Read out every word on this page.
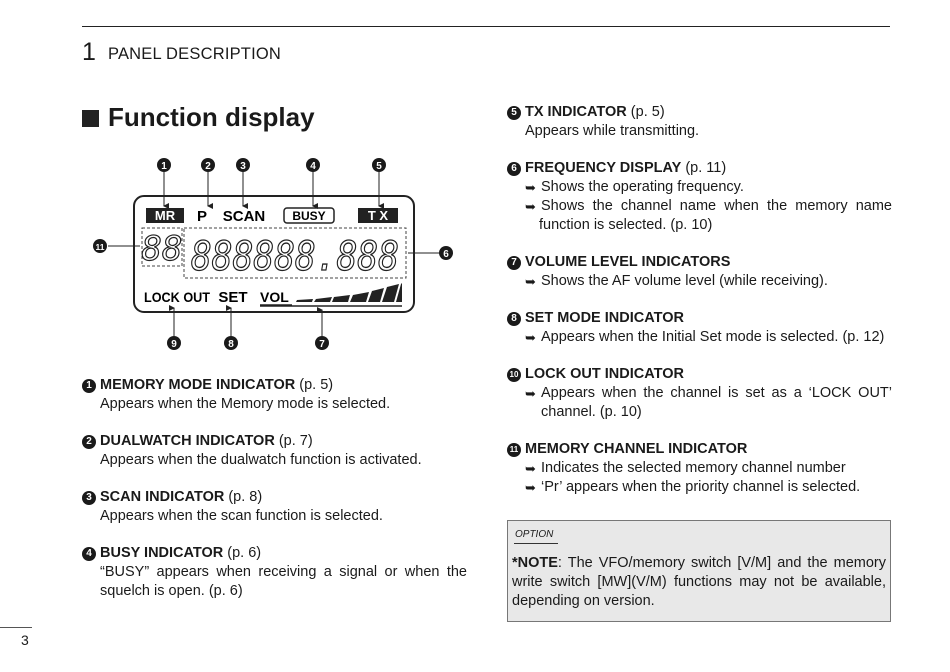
1 PANEL DESCRIPTION
Function display
MR P SCAN BUSY	T X
88 888888.888
LOCK OUT SET VOL
1	2	3	4	5
6
7
8
9
11
1 MEMORY MODE INDICATOR (p. 5)
Appears when the Memory mode is selected.
2 DUALWATCH INDICATOR (p. 7)
Appears when the dualwatch function is activated.
3 SCAN INDICATOR (p. 8)
Appears when the scan function is selected.
4 BUSY INDICATOR (p. 6)
“BUSY” appears when receiving a signal or when the
squelch is open. (p. 6)
5 TX INDICATOR (p. 5)
Appears while transmitting.
6 FREQUENCY DISPLAY (p. 11)
➥ Shows the operating frequency.
➥ Shows the channel name when the memory name
function is selected. (p. 10)
7 VOLUME LEVEL INDICATORS
➥ Shows the AF volume level (while receiving).
8 SET MODE INDICATOR
➥ Appears when the Initial Set mode is selected. (p. 12)
10 LOCK OUT INDICATOR
➥ Appears when the channel is set as a ‘LOCK OUT’
channel. (p. 10)
11 MEMORY CHANNEL INDICATOR
➥ Indicates the selected memory channel number
➥ ‘Pr’ appears when the priority channel is selected.
OPTION
*NOTE: The VFO/memory switch [V/M] and the memory write switch [MW](V/M) functions may not be available, depending on version.
3
